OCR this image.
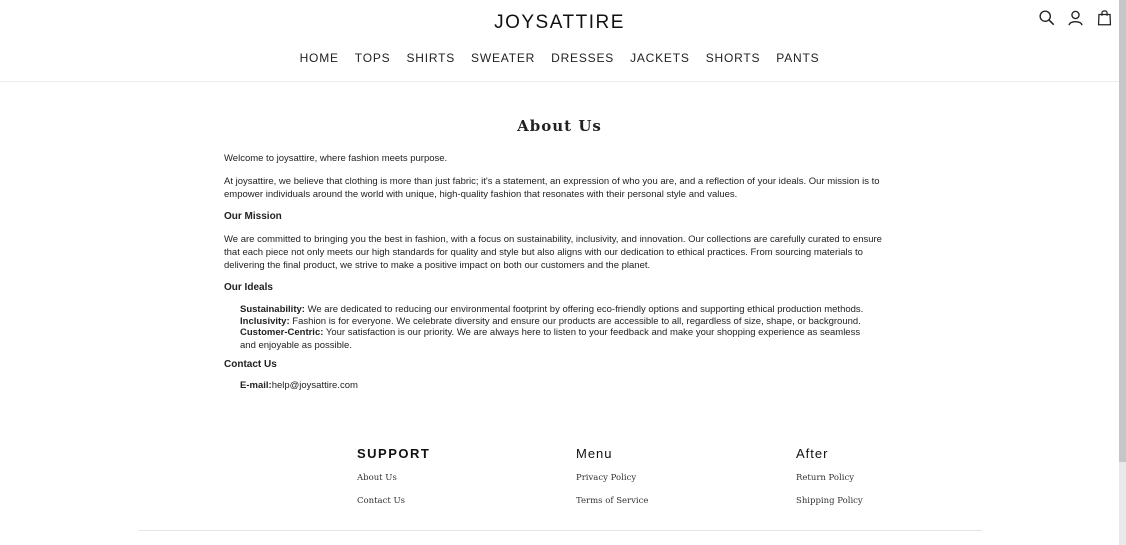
JOYSATTIRE
HOME TOPS SHIRTS SWEATER DRESSES JACKETS SHORTS PANTS
About Us

Welcome to joysattire, where fashion meets purpose.

At joysattire, we believe that clothing is more than just fabric; it's a statement, an expression of who you are, and a reflection of your ideals. Our mission is to empower individuals around the world with unique, high-quality fashion that resonates with their personal style and values.

Our Mission

We are committed to bringing you the best in fashion, with a focus on sustainability, inclusivity, and innovation. Our collections are carefully curated to ensure that each piece not only meets our high standards for quality and style but also aligns with our dedication to ethical practices. From sourcing materials to delivering the final product, we strive to make a positive impact on both our customers and the planet.

Our Ideals
Sustainability: We are dedicated to reducing our environmental footprint by offering eco-friendly options and supporting ethical production methods.
Inclusivity: Fashion is for everyone. We celebrate diversity and ensure our products are accessible to all, regardless of size, shape, or background.
Customer-Centric: Your satisfaction is our priority. We are always here to listen to your feedback and make your shopping experience as seamless and enjoyable as possible.
Contact Us
E-mail:help@joysattire.com
SUPPORT
About Us
Contact Us
Menu
Privacy Policy
Terms of Service
After
Return Policy
Shipping Policy
